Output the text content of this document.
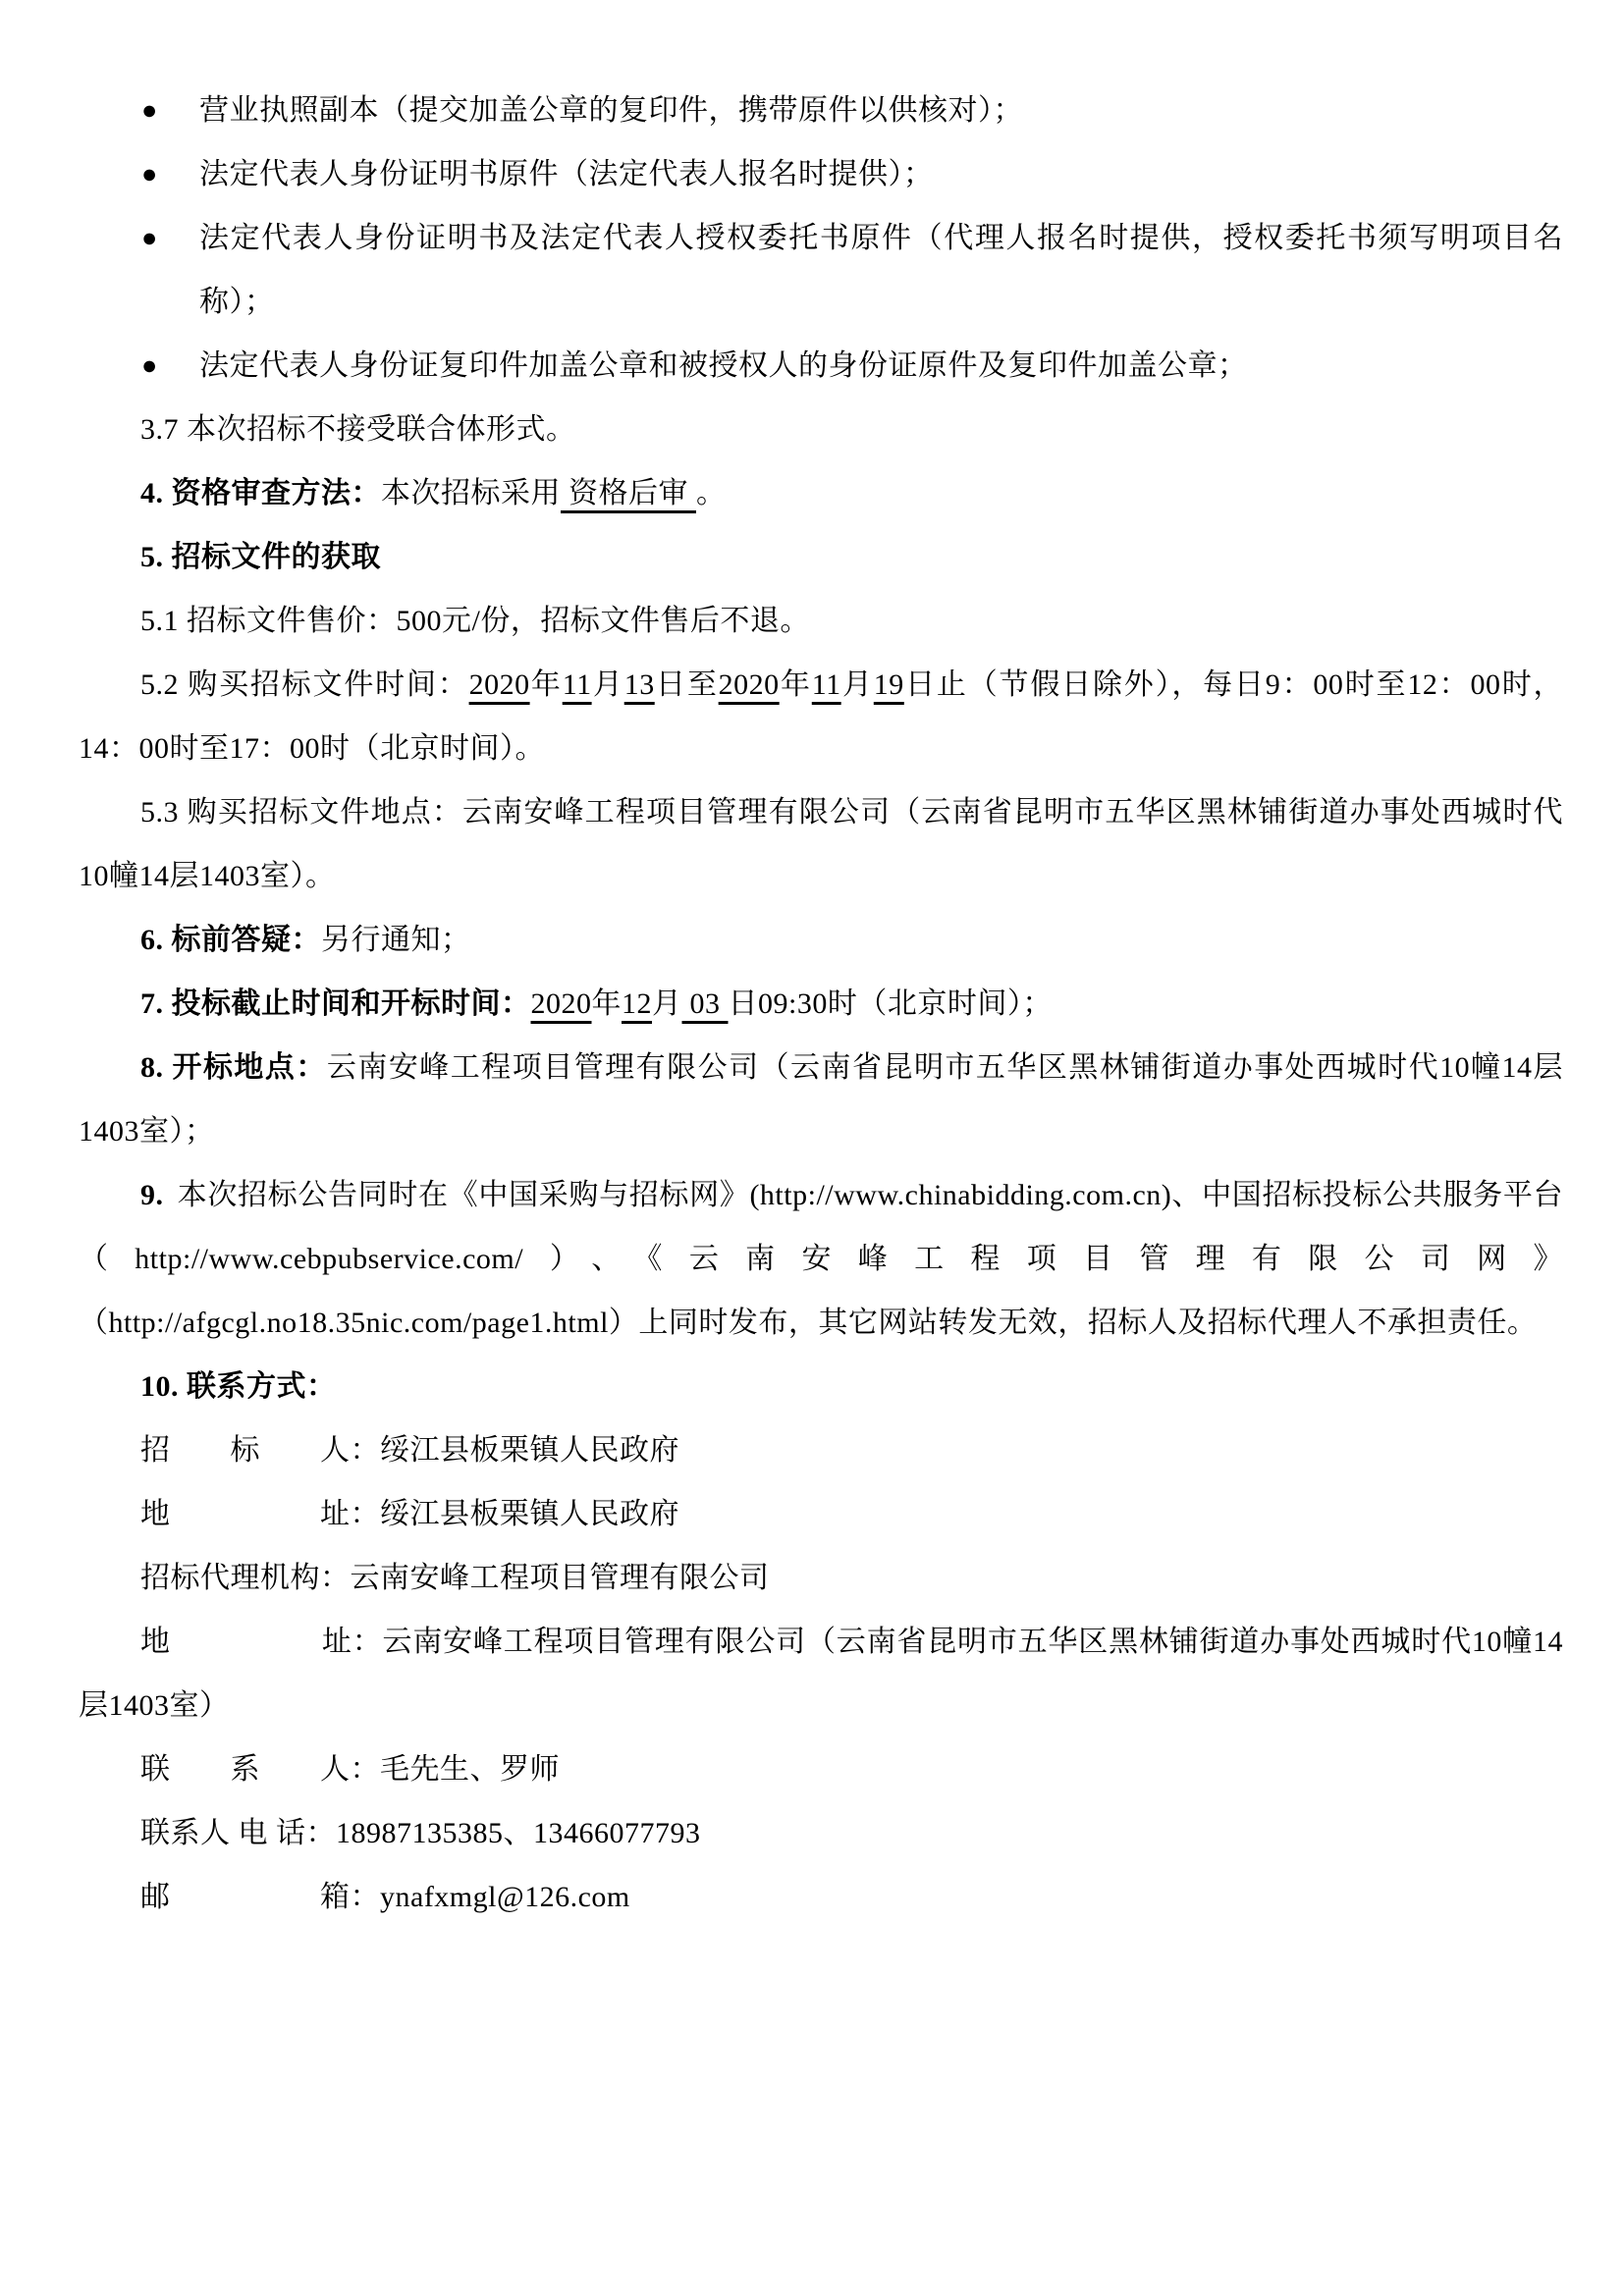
● 营业执照副本（提交加盖公章的复印件，携带原件以供核对）；

● 法定代表人身份证明书原件（法定代表人报名时提供）；

● 法定代表人身份证明书及法定代表人授权委托书原件（代理人报名时提供，授权委托书须写明项目名称）；

● 法定代表人身份证复印件加盖公章和被授权人的身份证原件及复印件加盖公章；

3.7 本次招标不接受联合体形式。

4. 资格审查方法：本次招标采用 资格后审 。

5. 招标文件的获取

5.1 招标文件售价：500元/份，招标文件售后不退。

5.2 购买招标文件时间：2020年11月13日至2020年11月19日止（节假日除外），每日9：00时至12：00时，14：00时至17：00时（北京时间）。

5.3 购买招标文件地点：云南安峰工程项目管理有限公司（云南省昆明市五华区黑林铺街道办事处西城时代10幢14层1403室）。

6. 标前答疑：另行通知；

7. 投标截止时间和开标时间：2020年12月 03 日09:30时（北京时间）；

8. 开标地点：云南安峰工程项目管理有限公司（云南省昆明市五华区黑林铺街道办事处西城时代10幢14层1403室）；

9. 本次招标公告同时在《中国采购与招标网》(http://www.chinabidding.com.cn)、中国招标投标公共服务平台（http://www.cebpubservice.com/）、《云南安峰工程项目管理有限公司网》（http://afgcgl.no18.35nic.com/page1.html）上同时发布，其它网站转发无效，招标人及招标代理人不承担责任。

10. 联系方式：

招　　标　　人：绥江县板栗镇人民政府

地　　　　　址：绥江县板栗镇人民政府

招标代理机构：云南安峰工程项目管理有限公司

地　　　　　址：云南安峰工程项目管理有限公司（云南省昆明市五华区黑林铺街道办事处西城时代10幢14层1403室）

联　　系　　人：毛先生、罗师

联系人 电 话：18987135385、13466077793

邮　　　　　箱：ynafxmgl@126.com
